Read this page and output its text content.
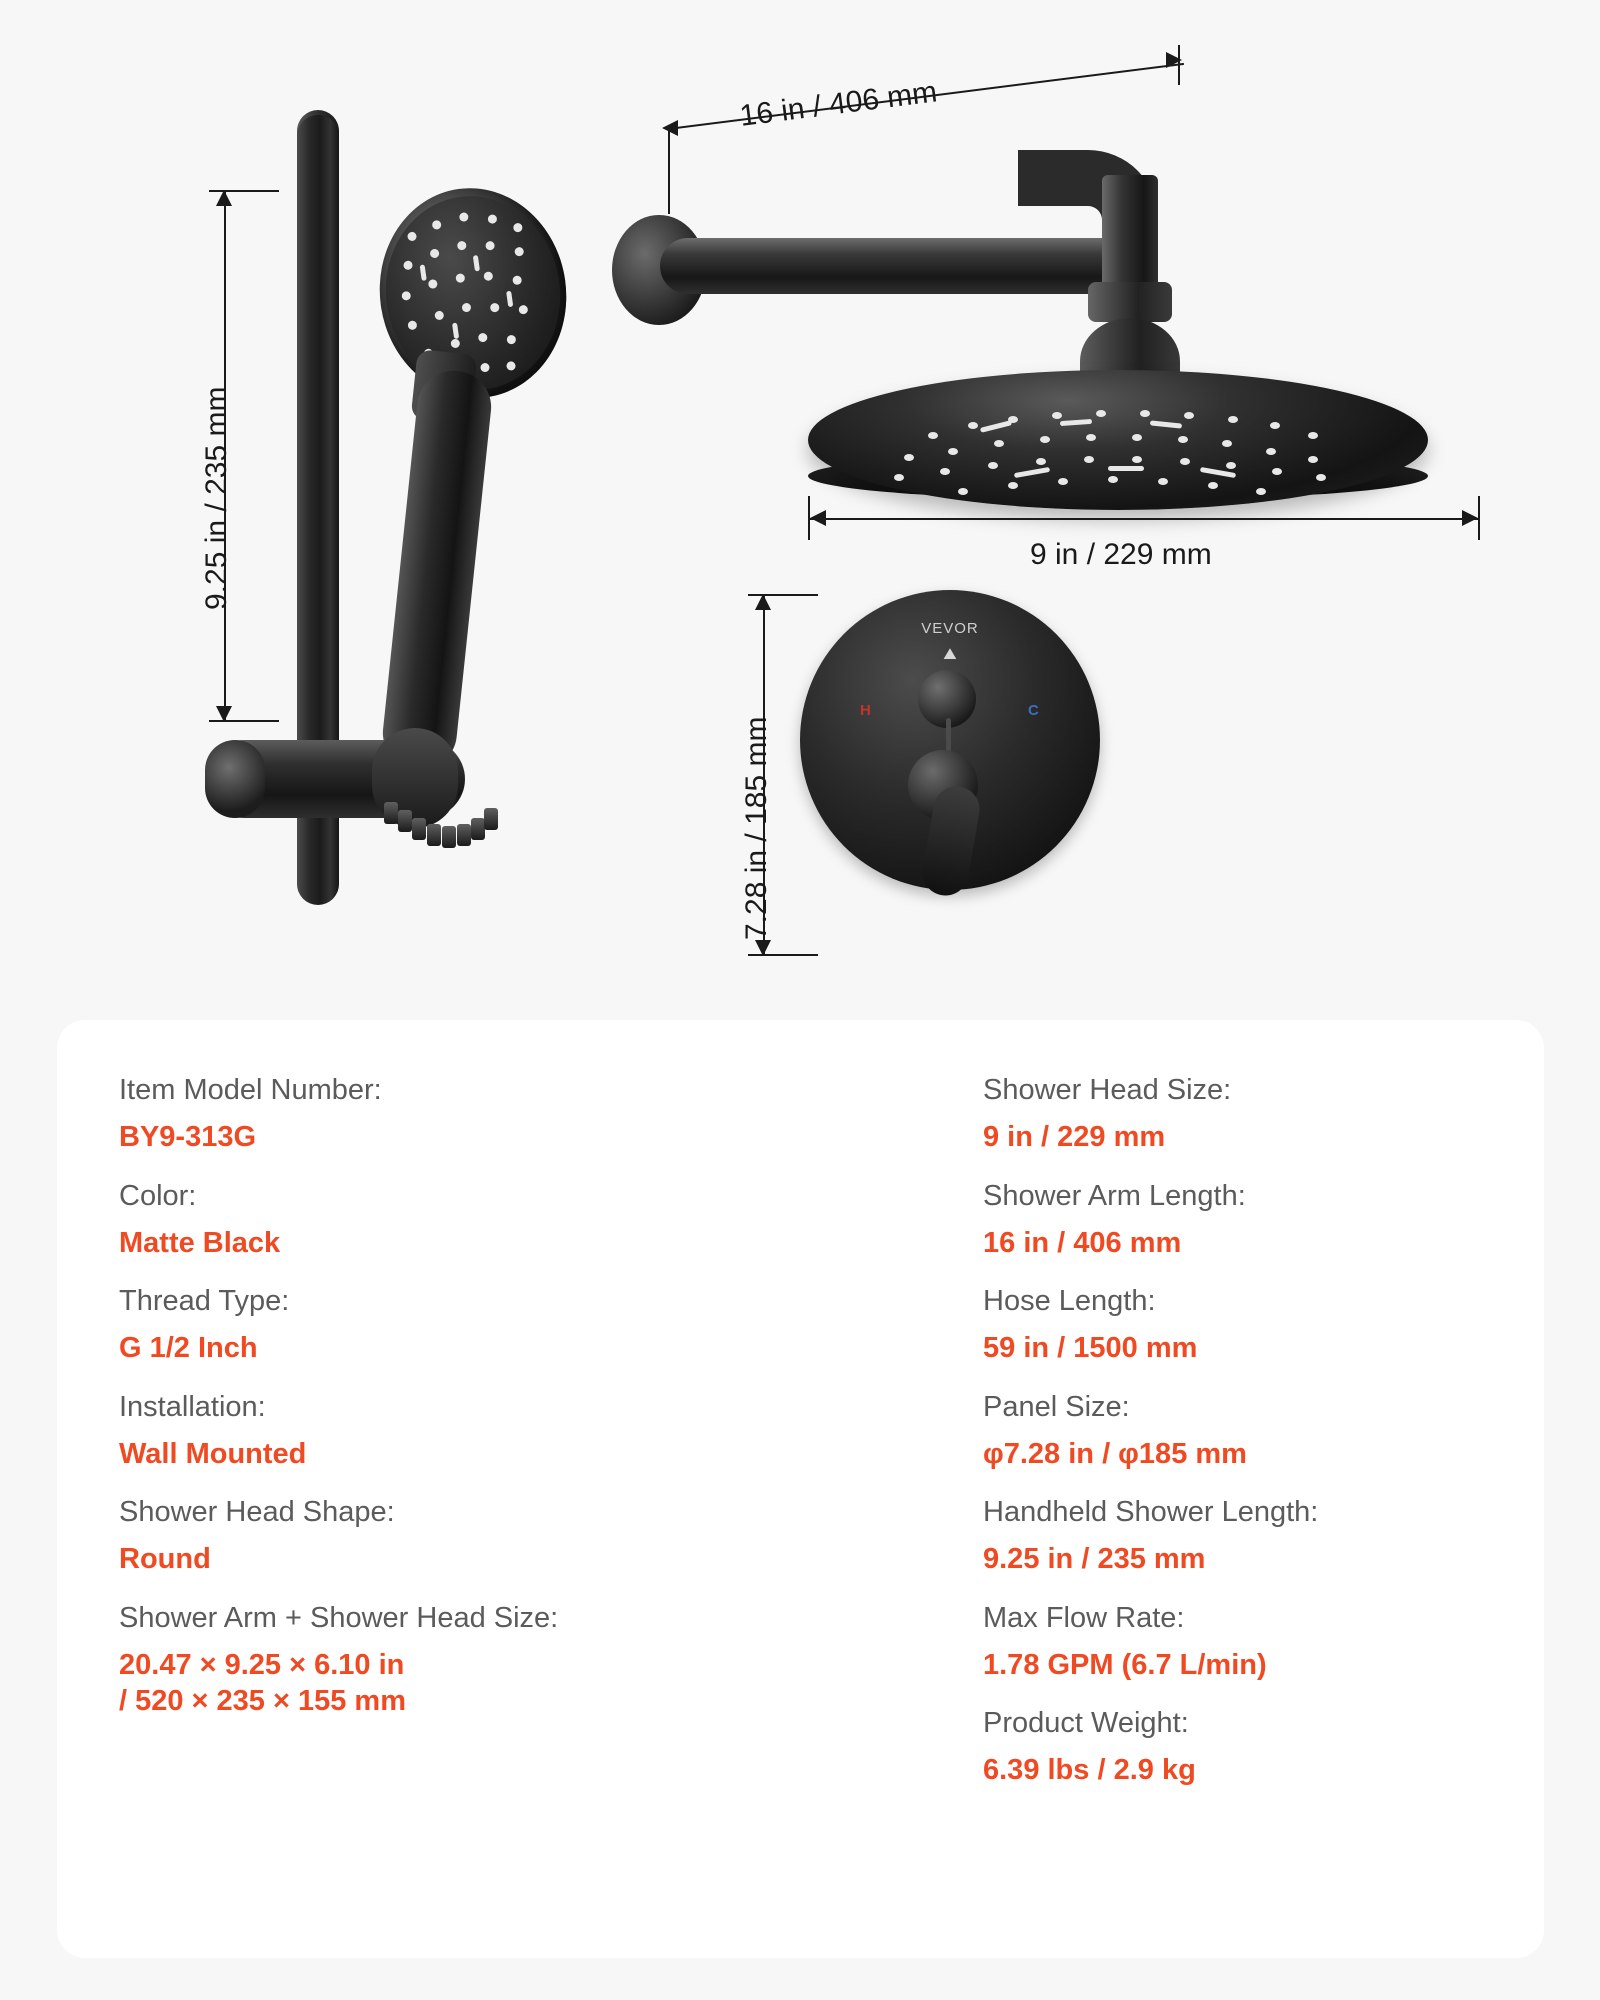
VEVOR
⛰
H	C
9.25 in / 235 mm
16 in / 406 mm
9 in / 229 mm
7.28 in / 185 mm
Item Model Number:
BY9-313G
Color:
Matte Black
Thread Type:
G 1/2 Inch
Installation:
Wall Mounted
Shower Head Shape:
Round
Shower Arm + Shower Head Size:
20.47 × 9.25 × 6.10 in
/ 520 × 235 × 155 mm
Shower Head Size:
9 in / 229 mm
Shower Arm Length:
16 in / 406 mm
Hose Length:
59 in / 1500 mm
Panel Size:
φ7.28 in / φ185 mm
Handheld Shower Length:
9.25 in / 235 mm
Max Flow Rate:
1.78 GPM (6.7 L/min)
Product Weight:
6.39 lbs / 2.9 kg
